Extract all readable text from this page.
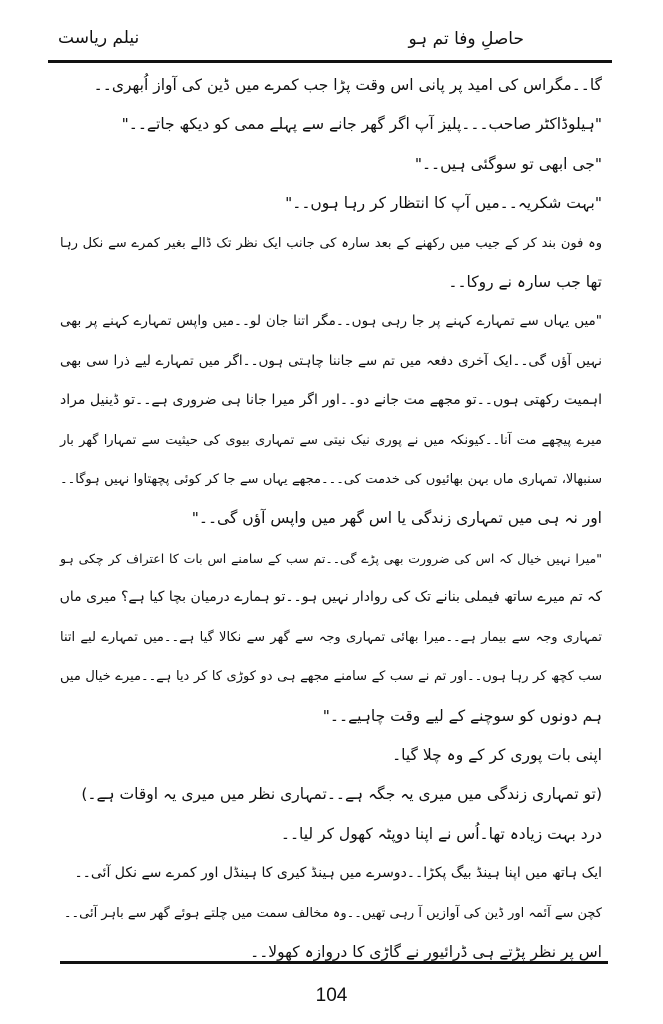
حاصلِ وفا تم ہو
نیلم ریاست
گا۔۔مگراس کی امید پر پانی اس وقت پڑا جب کمرے میں ڈین کی آواز اُبھری۔۔
"ہیلوڈاکٹر صاحب۔۔۔پلیز آپ اگر گھر جانے سے پہلے ممی کو دیکھ جاتے۔۔"
"جی ابھی تو سوگئی ہیں۔۔"
"بہت شکریہ۔۔میں آپ کا انتظار کر رہا ہوں۔۔"
وہ فون بند کر کے جیب میں رکھنے کے بعد سارہ کی جانب ایک نظر تک ڈالے بغیر کمرے سے نکل رہا
تھا جب سارہ نے روکا۔۔
"میں یہاں سے تمہارے کہنے پر جا رہی ہوں۔۔مگر اتنا جان لو۔۔میں واپس تمہارے کہنے پر بھی
نہیں آؤں گی۔۔ایک آخری دفعہ میں تم سے جاننا چاہتی ہوں۔۔اگر میں تمہارے لیے ذرا سی بھی
اہمیت رکھتی ہوں۔۔تو مجھے مت جانے دو۔۔اور اگر میرا جانا ہی ضروری ہے۔۔تو ڈینیل مراد
میرے پیچھے مت آنا۔۔کیونکہ میں نے پوری نیک نیتی سے تمہاری بیوی کی حیثیت سے تمہارا گھر بار
سنبھالا، تمہاری ماں بہن بھائیوں کی خدمت کی۔۔۔مجھے یہاں سے جا کر کوئی پچھتاوا نہیں ہوگا۔۔
اور نہ ہی میں تمہاری زندگی یا اس گھر میں واپس آؤں گی۔۔"
"میرا نہیں خیال کہ اس کی ضرورت بھی پڑے گی۔۔تم سب کے سامنے اس بات کا اعتراف کر چکی ہو
کہ تم میرے ساتھ فیملی بنانے تک کی روادار نہیں ہو۔۔تو ہمارے درمیان بچا کیا ہے؟ میری ماں
تمہاری وجہ سے بیمار ہے۔۔میرا بھائی تمہاری وجہ سے گھر سے نکالا گیا ہے۔۔میں تمہارے لیے اتنا
سب کچھ کر رہا ہوں۔۔اور تم نے سب کے سامنے مجھے ہی دو کوڑی کا کر دیا ہے۔۔میرے خیال میں
ہم دونوں کو سوچنے کے لیے وقت چاہیے۔۔"
اپنی بات پوری کر کے وہ چلا گیا۔
(تو تمہاری زندگی میں میری یہ جگہ ہے۔۔تمہاری نظر میں میری یہ اوقات ہے۔)
درد بہت زیادہ تھا۔اُس نے اپنا دوپٹہ کھول کر لیا۔۔
ایک ہاتھ میں اپنا ہینڈ بیگ پکڑا۔۔دوسرے میں ہینڈ کیری کا ہینڈل اور کمرے سے نکل آئی۔۔
کچن سے آئمہ اور ڈین کی آوازیں آ رہی تھیں۔۔وہ مخالف سمت میں چلتے ہوئے گھر سے باہر آئی۔۔
اس پر نظر پڑتے ہی ڈرائیور نے گاڑی کا دروازہ کھولا۔۔
104
